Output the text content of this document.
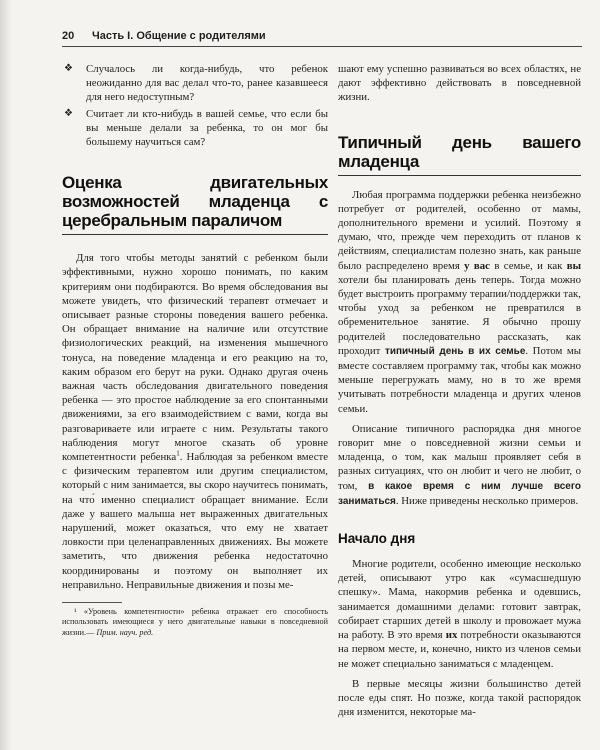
20 Часть I. Общение с родителями
❖ Случалось ли когда-нибудь, что ребенок неожиданно для вас делал что-то, ранее казавшееся для него недоступным?
❖ Считает ли кто-нибудь в вашей семье, что если бы вы меньше делали за ребенка, то он мог бы большему научиться сам?
Оценка двигательных возможностей младенца с церебральным параличом

Для того чтобы методы занятий с ребенком были эффективными, нужно хорошо понимать, по каким критериям они подбираются. Во время обследования вы можете увидеть, что физический терапевт отмечает и описывает разные стороны поведения вашего ребенка. Он обращает внимание на наличие или отсутствие физиологических реакций, на изменения мышечного тонуса, на поведение младенца и его реакцию на то, каким образом его берут на руки. Однако другая очень важная часть обследования двигательного поведения ребенка — это простое наблюдение за его спонтанными движениями, за его взаимодействием с вами, когда вы разговариваете или играете с ним. Результаты такого наблюдения могут многое сказать об уровне компетентности ребенка$^1$. Наблюдая за ребенком вместе с физическим терапевтом или другим специалистом, который с ним занимается, вы скоро научитесь понимать, на что́ именно специалист обращает внимание. Если даже у вашего малыша нет выраженных двигательных нарушений, может оказаться, что ему не хватает ловкости при целенаправленных движениях. Вы можете заметить, что движения ребенка недостаточно координированы и поэтому он выполняет их неправильно. Неправильные движения и позы ме-

¹ «Уровень компетентности» ребенка отражает его способность использовать имеющиеся у него двигательные навыки в повседневной жизни.— Прим. науч. ред.

шают ему успешно развиваться во всех областях, не дают эффективно действовать в повседневной жизни.

Типичный день вашего младенца

Любая программа поддержки ребенка неизбежно потребует от родителей, особенно от мамы, дополнительного времени и усилий. Поэтому я думаю, что, прежде чем переходить от планов к действиям, специалистам полезно знать, как раньше было распределено время у вас в семье, и как вы хотели бы планировать день теперь. Тогда можно будет выстроить программу терапии/поддержки так, чтобы уход за ребенком не превратился в обременительное занятие. Я обычно прошу родителей последовательно рассказать, как проходит типичный день в их семье. Потом мы вместе составляем программу так, чтобы как можно меньше перегружать маму, но в то же время учитывать потребности младенца и других членов семьи.

Описание типичного распорядка дня многое говорит мне о повседневной жизни семьи и младенца, о том, как малыш проявляет себя в разных ситуациях, что он любит и чего не любит, о том, в какое время с ним лучше всего заниматься. Ниже приведены несколько примеров.

Начало дня

Многие родители, особенно имеющие несколько детей, описывают утро как «сумасшедшую спешку». Мама, накормив ребенка и одевшись, занимается домашними делами: готовит завтрак, собирает старших детей в школу и провожает мужа на работу. В это время их потребности оказываются на первом месте, и, конечно, никто из членов семьи не может специально заниматься с младенцем.

В первые месяцы жизни большинство детей после еды спят. Но позже, когда такой распорядок дня изменится, некоторые ма-
